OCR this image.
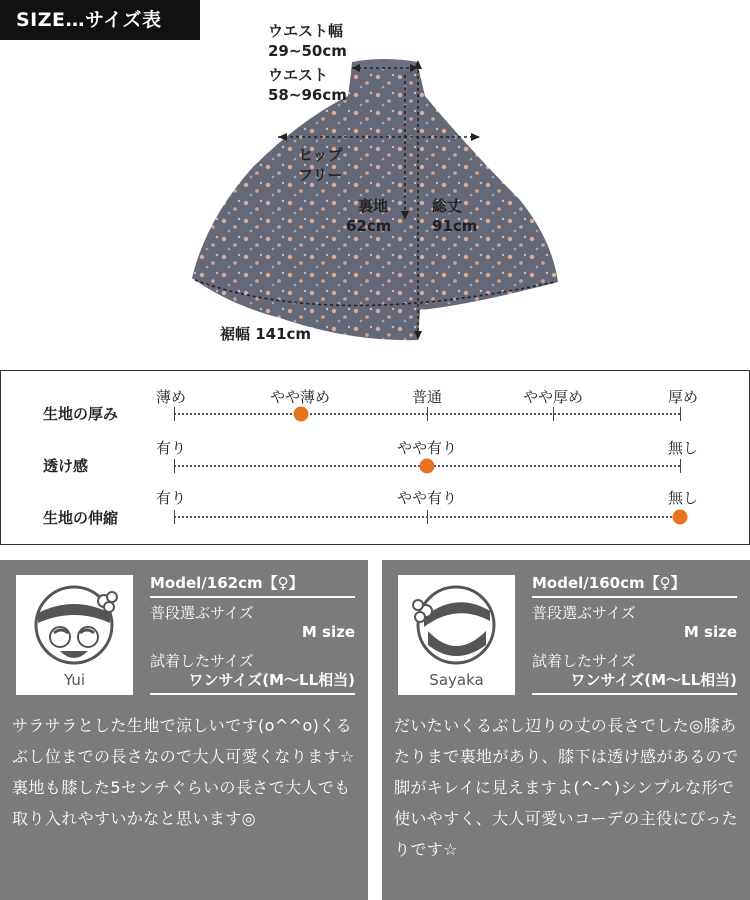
SIZE…サイズ表	ウエスト幅
29~50cm
ウエスト
58~96cm
ヒップ
フリー
裏地
62cm
総丈
91cm
裾幅 141cm
生地の厚み
薄め	やや薄め	普通	やや厚め	厚め
透け感
有り	やや有り	無し
生地の伸縮
有り	やや有り	無し
Yui
Model/162cm【♀】
普段選ぶサイズ
M size
試着したサイズ
ワンサイズ(M〜LL相当)
サラサラとした生地で涼しいです(o^^o)くるぶし位までの長さなので大人可愛くなります☆裏地も膝した5センチぐらいの長さで大人でも取り入れやすいかなと思います◎
> <
Sayaka
Model/160cm【♀】
普段選ぶサイズ
M size
試着したサイズ
ワンサイズ(M〜LL相当)
だいたいくるぶし辺りの丈の長さでした◎膝あたりまで裏地があり、膝下は透け感があるので脚がキレイに見えますよ(^-^)シンプルな形で使いやすく、大人可愛いコーデの主役にぴったりです☆
